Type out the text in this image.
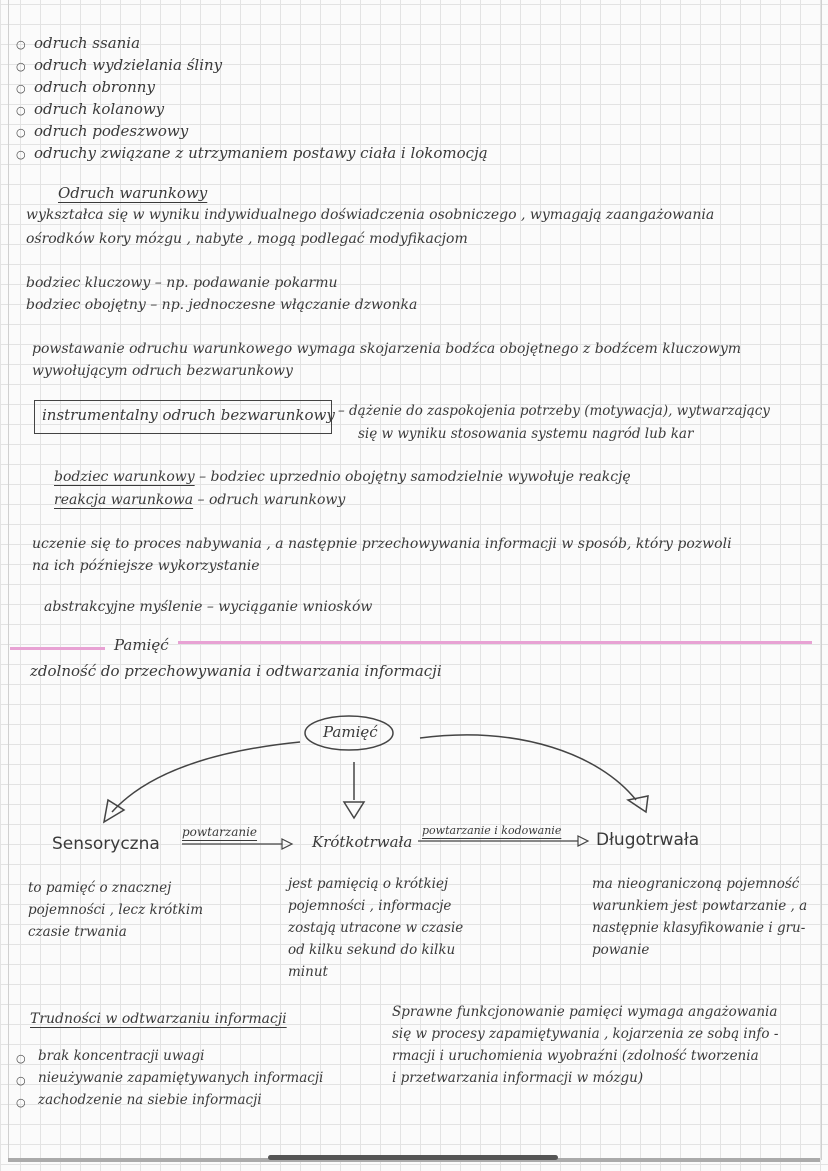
○ odruch ssania
○ odruch wydzielania śliny
○ odruch obronny
○ odruch kolanowy
○ odruch podeszwowy
○ odruchy związane z utrzymaniem postawy ciała i lokomocją
Odruch warunkowy
wykształca się w wyniku indywidualnego doświadczenia osobniczego , wymagają zaangażowania
ośrodków kory mózgu , nabyte , mogą podlegać modyfikacjom
bodziec kluczowy – np. podawanie pokarmu
bodziec obojętny – np. jednoczesne włączanie dzwonka
powstawanie odruchu warunkowego wymaga skojarzenia bodźca obojętnego z bodźcem kluczowym
wywołującym odruch bezwarunkowy
instrumentalny odruch bezwarunkowy – dążenie do zaspokojenia potrzeby (motywacja), wytwarzający
się w wyniku stosowania systemu nagród lub kar
bodziec warunkowy – bodziec uprzednio obojętny samodzielnie wywołuje reakcję
reakcja warunkowa – odruch warunkowy
uczenie się to proces nabywania , a następnie przechowywania informacji w sposób, który pozwoli
na ich późniejsze wykorzystanie
abstrakcyjne myślenie – wyciąganie wniosków
Pamięć
zdolność do przechowywania i odtwarzania informacji
Pamięć
Sensoryczna	Krótkotrwała	Długotrwała
powtarzanie	powtarzanie i kodowanie
to pamięć o znacznej
pojemności , lecz krótkim
czasie trwania
jest pamięcią o krótkiej
pojemności , informacje
zostają utracone w czasie
od kilku sekund do kilku
minut
ma nieograniczoną pojemność
warunkiem jest powtarzanie , a
następnie klasyfikowanie i gru-
powanie
Trudności w odtwarzaniu informacji
○ brak koncentracji uwagi
○ nieużywanie zapamiętywanych informacji
○ zachodzenie na siebie informacji
Sprawne funkcjonowanie pamięci wymaga angażowania
się w procesy zapamiętywania , kojarzenia ze sobą info -
rmacji i uruchomienia wyobraźni (zdolność tworzenia
i przetwarzania informacji w mózgu)
